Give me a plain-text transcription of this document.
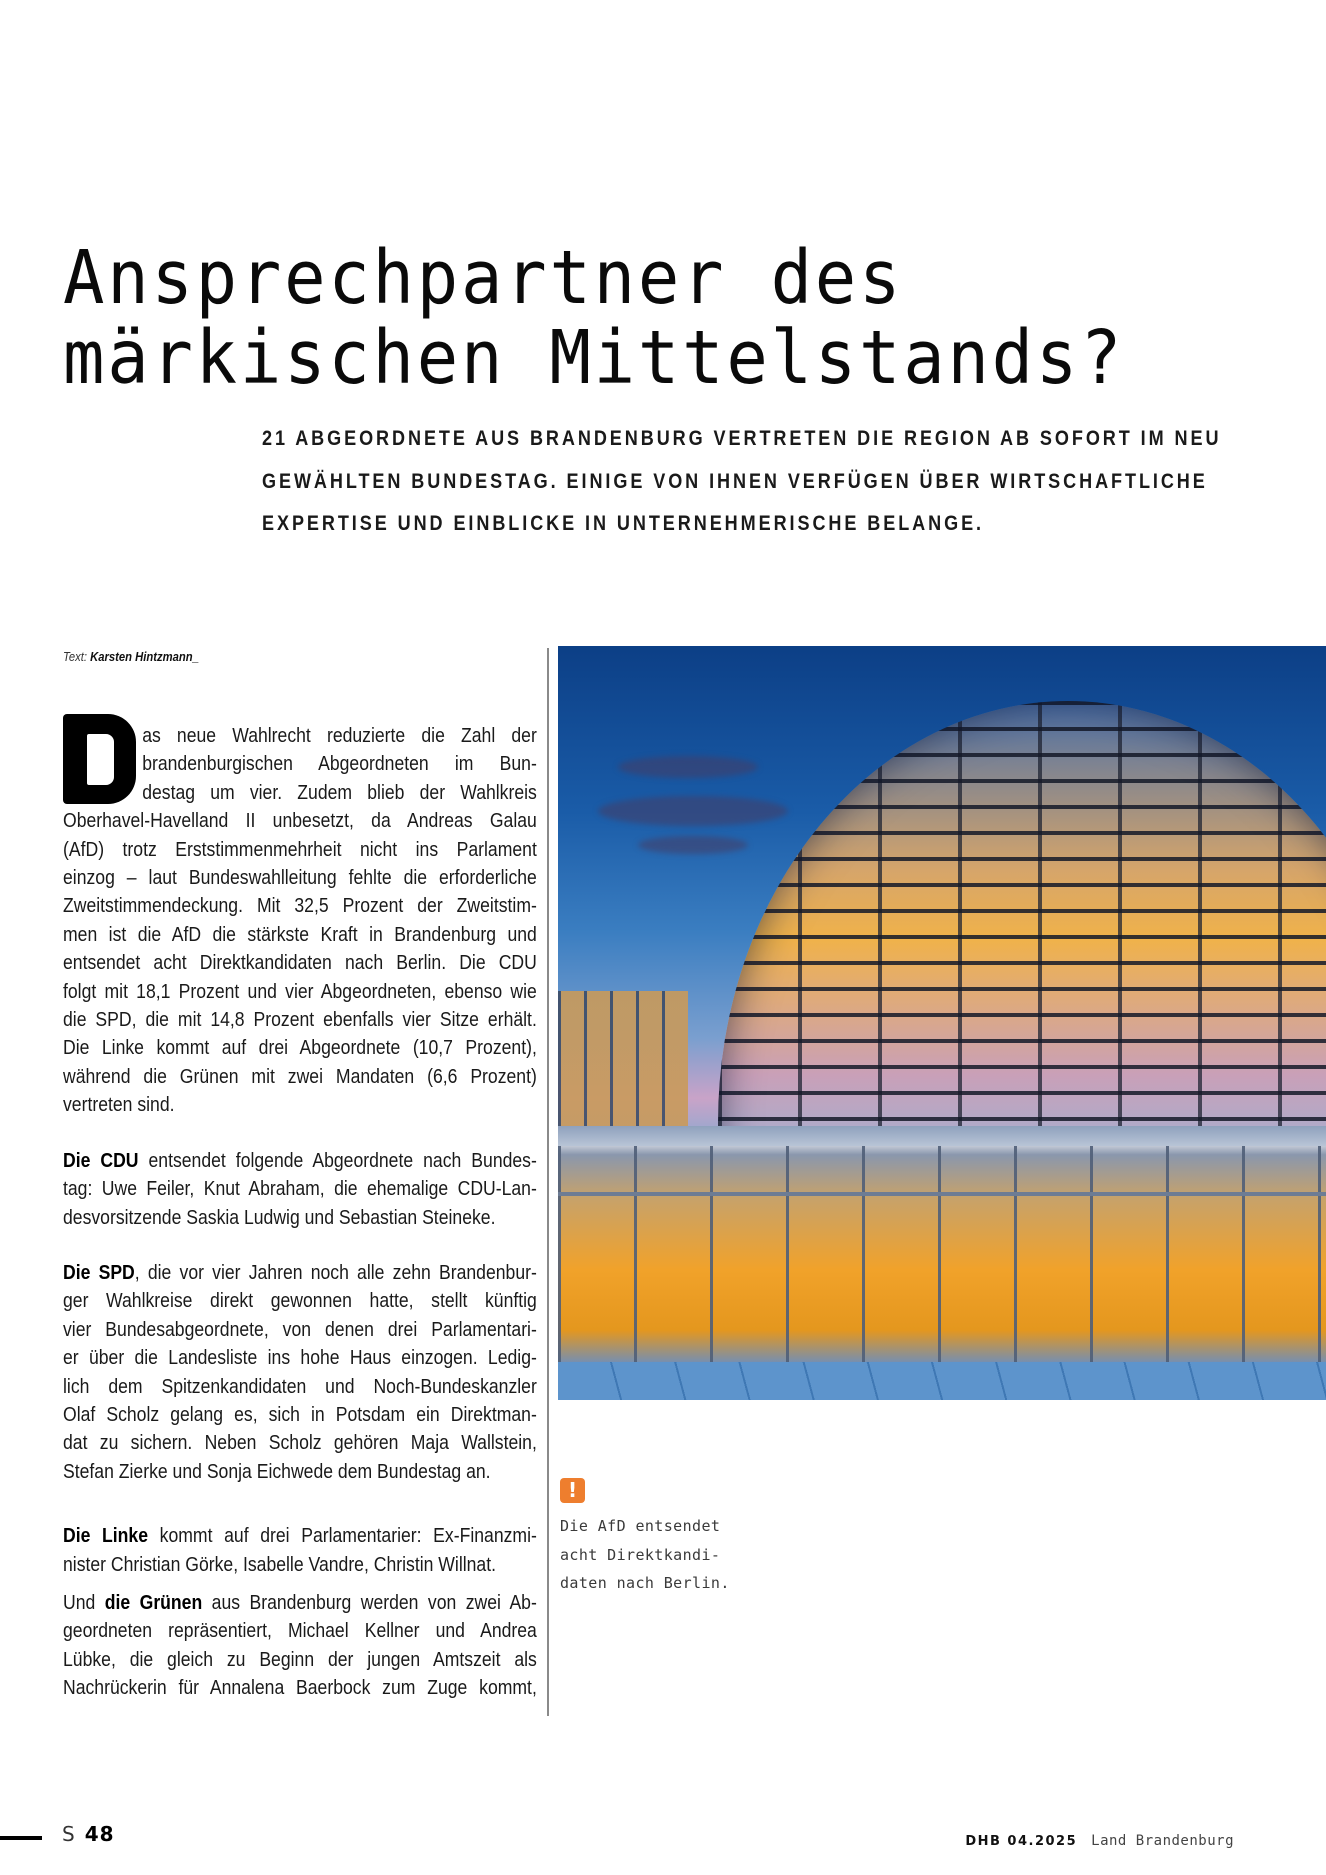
Ansprechpartner des
märkischen Mittelstands?
21 ABGEORDNETE AUS BRANDENBURG VERTRETEN DIE REGION AB SOFORT IM NEU
GEWÄHLTEN BUNDESTAG. EINIGE VON IHNEN VERFÜGEN ÜBER WIRTSCHAFTLICHE
EXPERTISE UND EINBLICKE IN UNTERNEHMERISCHE BELANGE.
Text: Karsten Hintzmann_

as neue Wahlrecht reduzierte die Zahl der
brandenburgischen Abgeordneten im Bun-
destag um vier. Zudem blieb der Wahlkreis
Oberhavel-Havelland II unbesetzt, da Andreas Galau
(AfD) trotz Erststimmenmehrheit nicht ins Parlament
einzog – laut Bundeswahlleitung fehlte die erforderliche
Zweitstimmendeckung. Mit 32,5 Prozent der Zweitstim-
men ist die AfD die stärkste Kraft in Brandenburg und
entsendet acht Direktkandidaten nach Berlin. Die CDU
folgt mit 18,1 Prozent und vier Abgeordneten, ebenso wie
die SPD, die mit 14,8 Prozent ebenfalls vier Sitze erhält.
Die Linke kommt auf drei Abgeordnete (10,7 Prozent),
während die Grünen mit zwei Mandaten (6,6 Prozent)
vertreten sind.

Die CDU entsendet folgende Abgeordnete nach Bundes-
tag: Uwe Feiler, Knut Abraham, die ehemalige CDU-Lan-
desvorsitzende Saskia Ludwig und Sebastian Steineke.

Die SPD, die vor vier Jahren noch alle zehn Brandenbur-
ger Wahlkreise direkt gewonnen hatte, stellt künftig
vier Bundesabgeordnete, von denen drei Parlamentari-
er über die Landesliste ins hohe Haus einzogen. Ledig-
lich dem Spitzenkandidaten und Noch-Bundeskanzler
Olaf Scholz gelang es, sich in Potsdam ein Direktman-
dat zu sichern. Neben Scholz gehören Maja Wallstein,
Stefan Zierke und Sonja Eichwede dem Bundestag an.

Die Linke kommt auf drei Parlamentarier: Ex-Finanzmi-
nister Christian Görke, Isabelle Vandre, Christin Willnat.

Und die Grünen aus Brandenburg werden von zwei Ab-
geordneten repräsentiert, Michael Kellner und Andrea
Lübke, die gleich zu Beginn der jungen Amtszeit als
Nachrückerin für Annalena Baerbock zum Zuge kommt,

!
Die AfD entsendet
acht Direktkandi-
daten nach Berlin.
S 48	DHB 04.2025 Land Brandenburg
